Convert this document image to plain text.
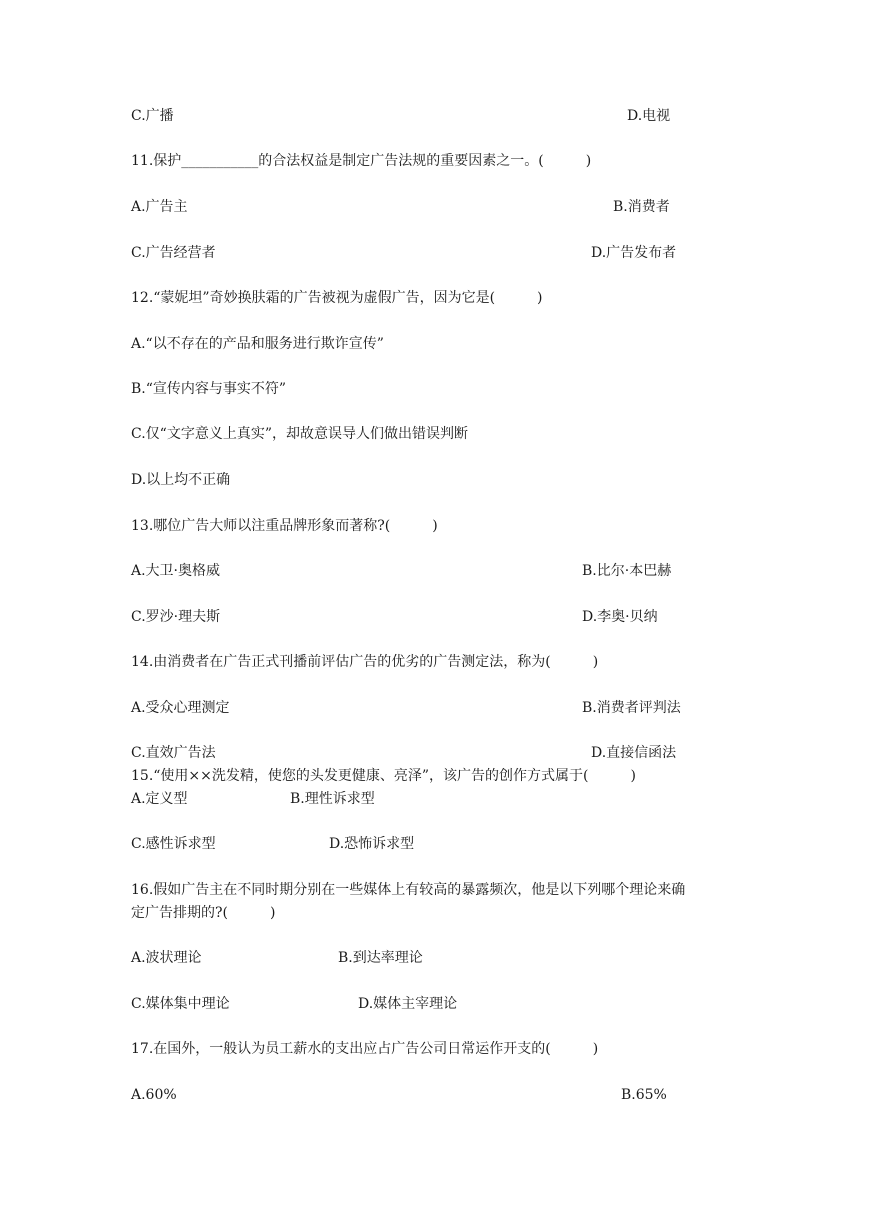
C.广播	D.电视

11.保护___________的合法权益是制定广告法规的重要因素之一。(　　　)

A.广告主	B.消费者

C.广告经营者	D.广告发布者

12.“蒙妮坦”奇妙换肤霜的广告被视为虚假广告，因为它是(　　　)

A.“以不存在的产品和服务进行欺诈宣传”

B.“宣传内容与事实不符”

C.仅“文字意义上真实”，却故意误导人们做出错误判断

D.以上均不正确

13.哪位广告大师以注重品牌形象而著称?(　　　)

A.大卫·奥格威	B.比尔·本巴赫

C.罗沙·理夫斯	D.李奥·贝纳

14.由消费者在广告正式刊播前评估广告的优劣的广告测定法，称为(　　　)

A.受众心理测定	B.消费者评判法

C.直效广告法	D.直接信函法

15.“使用××洗发精，使您的头发更健康、亮泽”，该广告的创作方式属于(　　　)

A.定义型	B.理性诉求型

C.感性诉求型	D.恐怖诉求型

16.假如广告主在不同时期分别在一些媒体上有较高的暴露频次，他是以下列哪个理论来确

定广告排期的?(　　　)

A.波状理论	B.到达率理论

C.媒体集中理论	D.媒体主宰理论

17.在国外，一般认为员工薪水的支出应占广告公司日常运作开支的(　　　)

A.60%	B.65%
